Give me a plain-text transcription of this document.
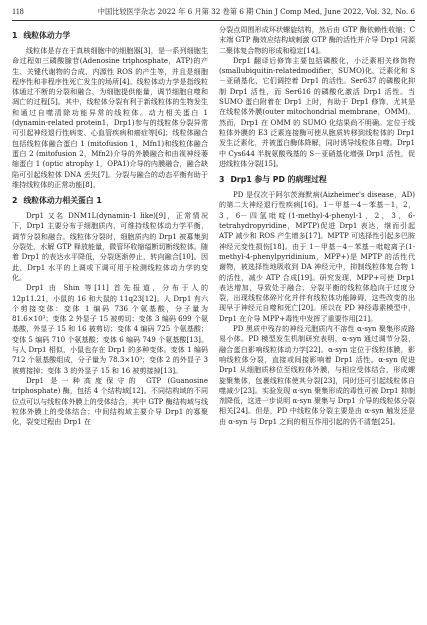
118	中国比较医学杂志 2022 年 6 月第 32 卷第 6 期 Chin J Comp Med, June 2022, Vol. 32, No. 6
1 线粒体动力学

线粒体是存在于真核细胞中的细胞器[3]，是一系列细胞生命过程如三磷酸腺苷(Adenosine triphosphate，ATP)的产生、关键代谢物的合成、内源性 ROS 的产生等，并且是细胞程序性和非程序性死亡发生的场所[4]。线粒体动力学是指线粒体通过不断的分裂和融合，为细胞提供能量，调节细胞自噬和凋亡的过程[5]。其中，线粒体分裂有利于新线粒体的生物发生和通过自噬清除功能异常的线粒体。动力相关蛋白 1 (dynamin-related protein1，Drp1)参与的线粒体分裂异常可引起神经退行性病变、心血管疾病和癌症等[6]；线粒体融合包括线粒体融合蛋白 1 (mitofusion 1，Mfn1)和线粒体融合蛋白 2 (mitofusion 2，Mfn2)介导的外膜融合和由视神经萎缩蛋白 1 (optic atrophy 1，OPA1)介导的内膜融合，融合缺陷可引起线粒体 DNA 丢失[7]。分裂与融合的动态平衡有助于维持线粒体的正常功能[8]。

2 线粒体动力相关蛋白 1

Drp1 又名 DNM1L(dynamin-1 like)[9]，正常情况下，Drp1 主要分布于细胞质内，可维持线粒体动力学平衡，调节分裂和融合。线粒体分裂时，细胞质内的 Drp1 被募集到分裂处，水解 GTP 释放能量，微管环收缩缢断切断线粒体。随着 Drp1 的表达水平降低，分裂逐渐停止，转向融合[10]。因此，Drp1 水平的上调或下调可用于检测线粒体动力学的变化。

Drp1 由 Shin 等[11] 首先报道，分布于人的12p11.21，小鼠的 16 和大鼠的 11q23[12]。人 Drp1 有六个剪接变体：变体 1 编码 736 个氨基酸，分子量为 81.6×10³；变体 2 外显子 15 被剪切；变体 3 编码 699 个氨基酸，外显子 15 和 16 被剪切；变体 4 编码 725 个氨基酸；变体 5 编码 710 个氨基酸；变体 6 编码 749 个氨基酸[13]。与人 Drp1 相似，小鼠也存在 Drp1 的多种变体。变体 1 编码 712 个氨基酸组成，分子量为 78.3×10³；变体 2 的外显子 3 被剪接掉；变体 3 的外显子 15 和 16 被剪接掉[13]。

Drp1 是一种高度保守的 GTP (Guanosine triphosphate) 酶，包括 4 个结构域[12]。不同结构域的不同位点可以与线粒体外膜上的受体结合，其中 GTP 酶结构域与线粒体外膜上的受体结合；中间结构域主要介导 Drp1 的寡聚化，裂变过程由 Drp1 在

分裂点周围形成环状螺旋结构，然后由 GTP 酶依赖性收缩；C 末端 GTP 酶效应结构域刺激 GTP 酶的活性并介导 Drp1 同源二聚体复合物的形成和稳定[14]。

Drp1 翻译后修饰主要包括磷酸化，小泛素相关修饰物(smallubiquitin-relatedmodifier，SUMO)化，泛素化和 S－亚硝基化，它们调控着 Drp1 的活性。Ser637 的磷酸化抑制 Drp1 活性，而 Ser616 的磷酸化激活 Drp1 活性。当 SUMO 蛋白附着在 Drp1 上时，有助于 Drp1 修饰，尤其是在线粒体外膜(outer mitochondrial membrane，OMM)。然而，Drp1 在 OMM 的 SUMO 化结果尚不明确。定位于线粒体外膜的 E3 泛素连接酶可使从胞质转移到线粒体的 Drp1 发生泛素化，并被蛋白酶体降解，同时诱导线粒体自噬。Drp1 中 Cys644 半胱氨酸残基的 S－亚硝基化增强 Drp1 活性，促进线粒体分裂[15]。

3 Drp1 参与 PD 的病理过程

PD 是仅次于阿尔茨海默病(Aizheimer's disease，AD)的第二大神经退行性疾病[16]。1－甲基－4－苯基－1，2，3，6－四氢吡啶(1-methyl-4-phenyl-1，2，3，6-tetrahydropyridine，MPTP)促进 Drp1 表达，继而引起 ATP 减少和 ROS 产生增多[17]。MPTP 可选择性引起多巴胺神经元变性损伤[18]。由于 1－甲基－4－苯基－吡啶离子(1-methyl-4-phenylpyridinium，MPP+)是 MPTP 的活性代谢物，被选择性地吸收到 DA 神经元中，抑制线粒体复合物 1 的活性，减少 ATP 合成[19]。研究发现，MPP+可使 Drp1 表达增加，导致处于融合、分裂平衡的线粒体趋向于过度分裂，出现线粒体碎片化并伴有线粒体功能障碍，这些改变的出现早于神经元自噬和死亡[20]。所以在 PD 神经毒素模型中，Drp1 在介导 MPP+毒性中发挥了重要作用[21]。

PD 黑质中残存的神经元胞质内不溶性 α-syn 聚集形成路易小体。PD 模型发生机制研究表明，α-syn 通过调节分裂，融合蛋白影响线粒体动力学[22]。α-syn 定位于线粒体膜，影响线粒体分裂，直接或间接影响着 Drp1 活性。α-syn 促进 Drp1 从细胞质移位至线粒体外膜，与相应受体结合，形成螺旋聚集体，包裹线粒体使其分裂[23]，同时还可引起线粒体自噬减少[23]。实验发现 α-syn 聚集形成的毒性可被 Drp1 抑制剂降低，这进一步说明 α-syn 聚集与 Drp1 介导的线粒体分裂相关[24]。但是，PD 中线粒体分裂主要是由 α-syn 触发还是由 α-syn 与 Drp1 之间的相互作用引起的仍不清楚[25]。
